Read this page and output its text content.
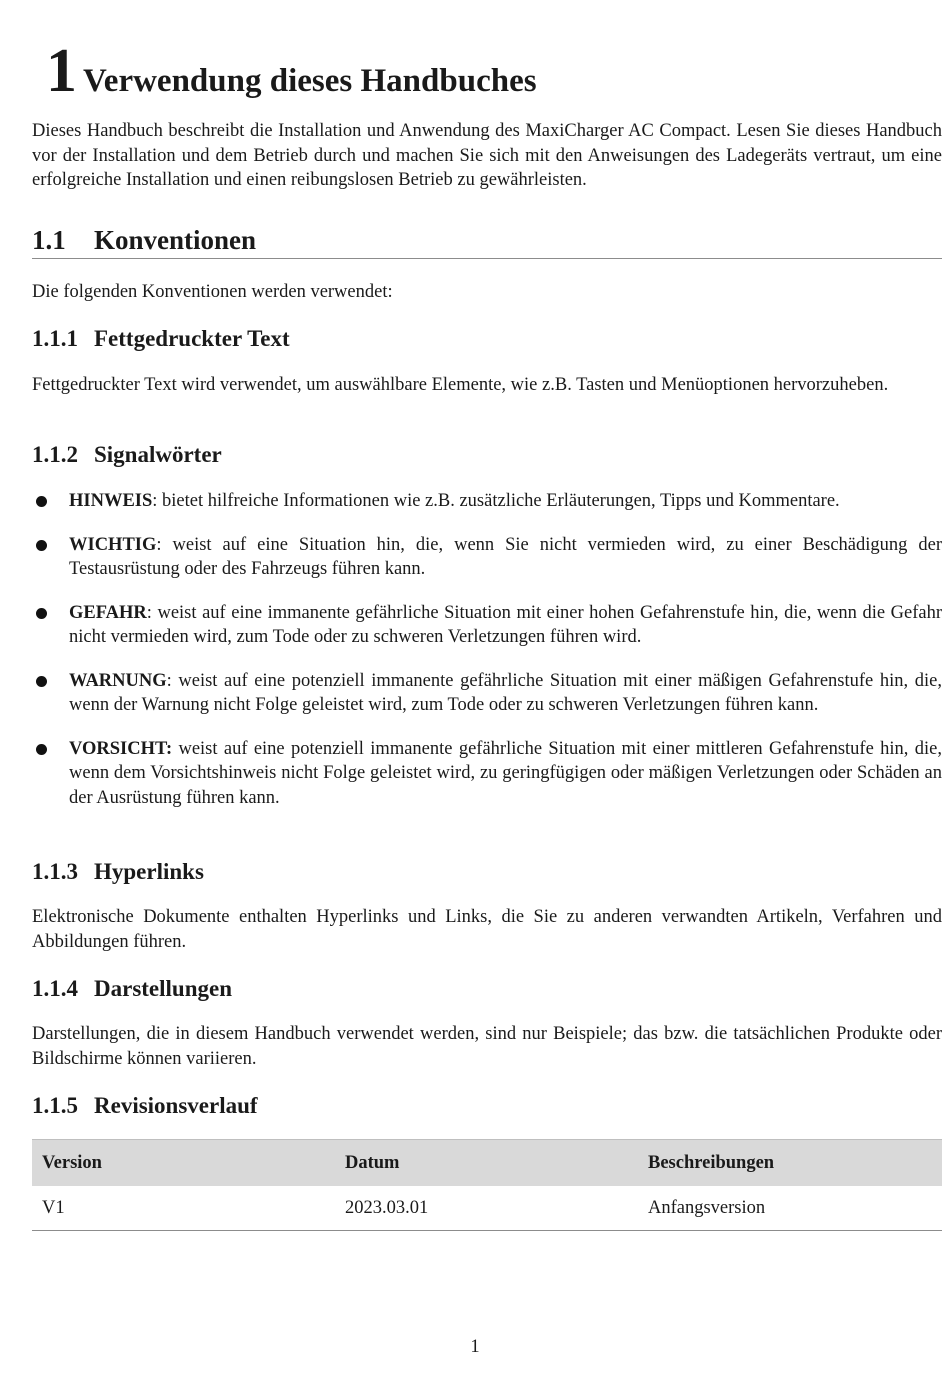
1 Verwendung dieses Handbuches

Dieses Handbuch beschreibt die Installation und Anwendung des MaxiCharger AC Compact. Lesen Sie dieses Handbuch vor der Installation und dem Betrieb durch und machen Sie sich mit den Anweisungen des Ladegeräts vertraut, um eine erfolgreiche Installation und einen reibungslosen Betrieb zu gewährleisten.

1.1 Konventionen

Die folgenden Konventionen werden verwendet:

1.1.1 Fettgedruckter Text

Fettgedruckter Text wird verwendet, um auswählbare Elemente, wie z.B. Tasten und Menüoptionen hervorzuheben.

1.1.2 Signalwörter
HINWEIS: bietet hilfreiche Informationen wie z.B. zusätzliche Erläuterungen, Tipps und Kommentare.
WICHTIG: weist auf eine Situation hin, die, wenn Sie nicht vermieden wird, zu einer Beschädigung der Testausrüstung oder des Fahrzeugs führen kann.
GEFAHR: weist auf eine immanente gefährliche Situation mit einer hohen Gefahrenstufe hin, die, wenn die Gefahr nicht vermieden wird, zum Tode oder zu schweren Verletzungen führen wird.
WARNUNG: weist auf eine potenziell immanente gefährliche Situation mit einer mäßigen Gefahrenstufe hin, die, wenn der Warnung nicht Folge geleistet wird, zum Tode oder zu schweren Verletzungen führen kann.
VORSICHT: weist auf eine potenziell immanente gefährliche Situation mit einer mittleren Gefahrenstufe hin, die, wenn dem Vorsichtshinweis nicht Folge geleistet wird, zu geringfügigen oder mäßigen Verletzungen oder Schäden an der Ausrüstung führen kann.
1.1.3 Hyperlinks

Elektronische Dokumente enthalten Hyperlinks und Links, die Sie zu anderen verwandten Artikeln, Verfahren und Abbildungen führen.

1.1.4 Darstellungen

Darstellungen, die in diesem Handbuch verwendet werden, sind nur Beispiele; das bzw. die tatsächlichen Produkte oder Bildschirme können variieren.

1.1.5 Revisionsverlauf
Version	Datum	Beschreibungen
V1	2023.03.01	Anfangsversion
1
